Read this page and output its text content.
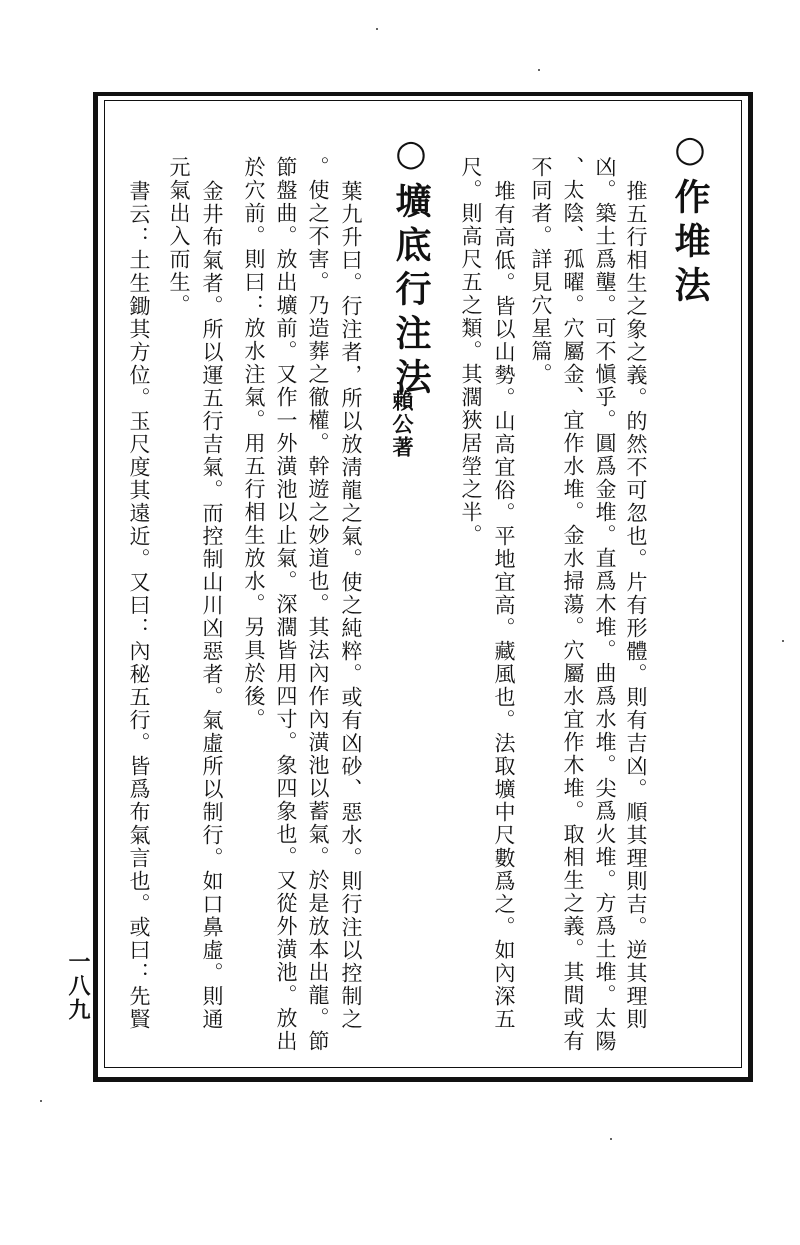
○作堆法
推五行相生之象之義。的然不可忽也。片有形體。則有吉凶。順其理則吉。逆其理則
凶。築土爲壟。可不愼乎。圓爲金堆。直爲木堆。曲爲水堆。尖爲火堆。方爲土堆。太陽
、太陰、孤曜。穴屬金、宜作水堆。金水掃蕩。穴屬水宜作木堆。取相生之義。其間或有
不同者。詳見穴星篇。
堆有高低。皆以山勢。山高宜俗。平地宜高。藏風也。法取壙中尺數爲之。如內深五
尺。則高尺五之類。其濶狹居塋之半。
○壙底行注法
賴公著
葉九升曰。行注者，所以放淸龍之氣。使之純粹。或有凶砂、惡水。則行注以控制之
。使之不害。乃造葬之徹權。幹遊之妙道也。其法內作內潢池以蓄氣。於是放本出龍。節
節盤曲。放出壙前。又作一外潢池以止氣。深濶皆用四寸。象四象也。又從外潢池。放出
於穴前。則曰：放水注氣。用五行相生放水。另具於後。
金井布氣者。所以運五行吉氣。而控制山川凶惡者。氣虛所以制行。如口鼻虛。則通
元氣出入而生。
書云：土生鋤其方位。玉尺度其遠近。又曰：內秘五行。皆爲布氣言也。或曰：先賢
一八九
